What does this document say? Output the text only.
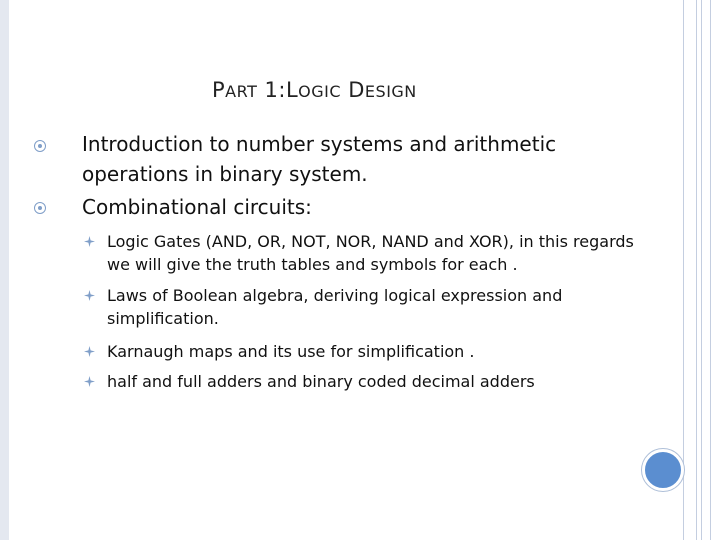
PART 1:LOGIC DESIGN
Introduction to number systems and arithmetic operations in binary system.
Combinational circuits:
Logic Gates (AND, OR, NOT, NOR, NAND and XOR), in this regards we will give the truth tables and symbols for each .
Laws of Boolean algebra, deriving logical expression and simplification.
Karnaugh maps and its use for simplification .
half and full adders and binary coded decimal adders
